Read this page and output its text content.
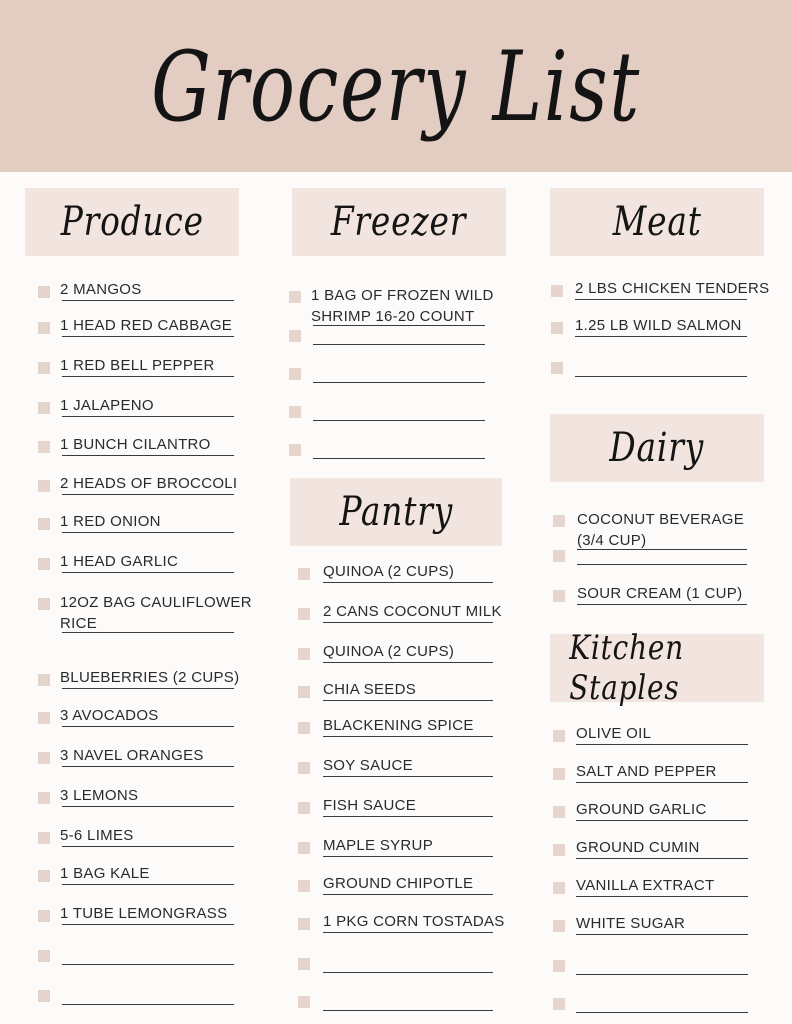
Grocery List
Produce	Freezer	Meat
Pantry
Dairy
Kitchen Staples
2 MANGOS
1 HEAD RED CABBAGE
1 RED BELL PEPPER
1 JALAPENO
1 BUNCH CILANTRO
2 HEADS OF BROCCOLI
1 RED ONION
1 HEAD GARLIC
12OZ BAG CAULIFLOWER RICE
BLUEBERRIES (2 CUPS)
3 AVOCADOS
3 NAVEL ORANGES
3 LEMONS
5-6 LIMES
1 BAG KALE
1 TUBE LEMONGRASS
1 BAG OF FROZEN WILD SHRIMP 16-20 COUNT
QUINOA (2 CUPS)
2 CANS COCONUT MILK
QUINOA (2 CUPS)
CHIA SEEDS
BLACKENING SPICE
SOY SAUCE
FISH SAUCE
MAPLE SYRUP
GROUND CHIPOTLE
1 PKG CORN TOSTADAS
2 LBS CHICKEN TENDERS
1.25 LB WILD SALMON
COCONUT BEVERAGE (3/4 CUP)
SOUR CREAM (1 CUP)
OLIVE OIL
SALT AND PEPPER
GROUND GARLIC
GROUND CUMIN
VANILLA EXTRACT
WHITE SUGAR
